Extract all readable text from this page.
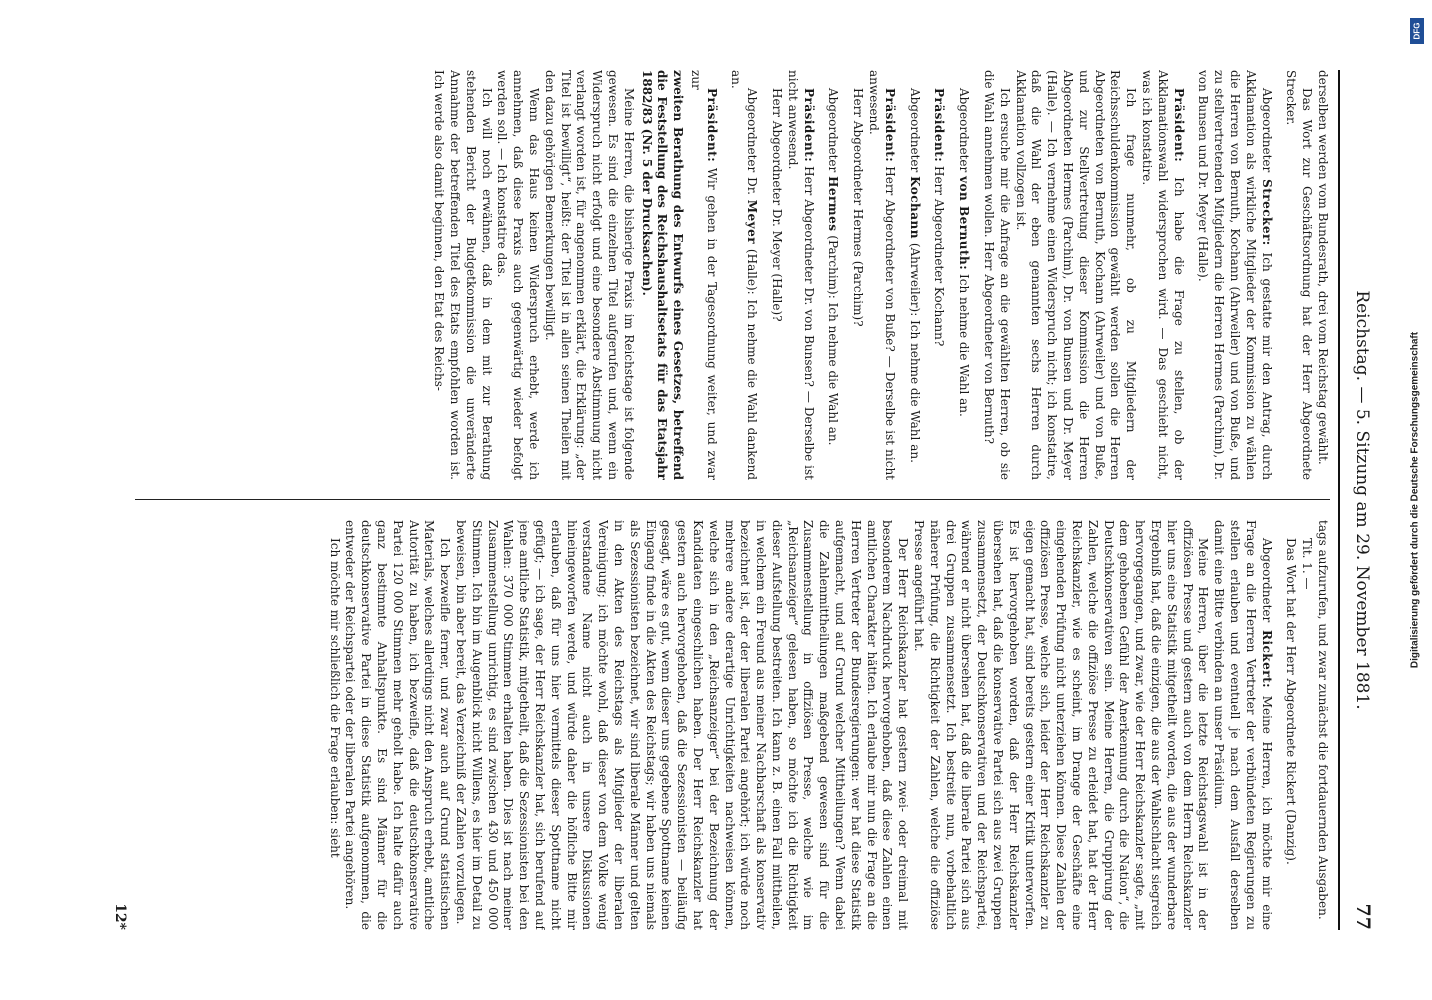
Reichstag. — 5. Sitzung am 29. November 1881.
77

derselben werden vom Bundesrath, drei vom Reichstag gewählt.

Das Wort zur Geschäftsordnung hat der Herr Abgeordnete Strecker.

Abgeordneter Strecker: Ich gestatte mir den Antrag, durch Akklamation als wirkliche Mitglieder der Kommission zu wählen die Herren von Bernuth, Kochann (Ahrweiler) und von Buße, und zu stellvertretenden Mitgliedern die Herren Hermes (Parchim), Dr. von Bunsen und Dr. Meyer (Halle).

Präsident: Ich habe die Frage zu stellen, ob der Akklamationswahl widersprochen wird. — Das geschieht nicht, was ich konstatire.

Ich frage nunmehr, ob zu Mitgliedern der Reichsschuldenkommission gewählt werden sollen die Herren Abgeordneten von Bernuth, Kochann (Ahrweiler) und von Buße, und zur Stellvertretung dieser Kommission die Herren Abgeordneten Hermes (Parchim), Dr. von Bunsen und Dr. Meyer (Halle). — Ich vernehme einen Widerspruch nicht; ich konstatire, daß die Wahl der eben genannten sechs Herren durch Akklamation vollzogen ist.

Ich ersuche mir die Anfrage an die gewählten Herren, ob sie die Wahl annehmen wollen. Herr Abgeordneter von Bernuth?

Abgeordneter von Bernuth: Ich nehme die Wahl an.

Präsident: Herr Abgeordneter Kochann?

Abgeordneter Kochann (Ahrweiler): Ich nehme die Wahl an.

Präsident: Herr Abgeordneter von Buße? — Derselbe ist nicht anwesend.

Herr Abgeordneter Hermes (Parchim)?

Abgeordneter Hermes (Parchim): Ich nehme die Wahl an.

Präsident: Herr Abgeordneter Dr. von Bunsen? — Derselbe ist nicht anwesend.

Herr Abgeordneter Dr. Meyer (Halle)?

Abgeordneter Dr. Meyer (Halle): Ich nehme die Wahl dankend an.

Präsident: Wir gehen in der Tagesordnung weiter, und zwar zur

zweiten Berathung des Entwurfs eines Gesetzes, betreffend die Feststellung des Reichshaushaltsetats für das Etatsjahr 1882/83 (Nr. 5 der Drucksachen).

Meine Herren, die bisherige Praxis im Reichstage ist folgende gewesen. Es sind die einzelnen Titel aufgerufen und, wenn ein Widerspruch nicht erfolgt und eine besondere Abstimmung nicht verlangt worden ist, für angenommen erklärt, die Erklärung: „der Titel ist bewilligt“, heißt: der Titel ist in allen seinen Theilen mit den dazu gehörigen Bemerkungen bewilligt.

Wenn das Haus keinen Widerspruch erhebt, werde ich annehmen, daß diese Praxis auch gegenwärtig wieder befolgt werden soll. — Ich konstatire das.

Ich will noch erwähnen, daß in dem mit zur Berathung stehenden Bericht der Budgetkommission die unveränderte Annahme der betreffenden Titel des Etats empfohlen worden ist. Ich werde also damit beginnen, den Etat des Reichs-

tags aufzurufen, und zwar zunächst die fortdauernden Ausgaben.

Tit. 1. —

Das Wort hat der Herr Abgeordnete Rickert (Danzig).

Abgeordneter Rickert: Meine Herren, ich möchte mir eine Frage an die Herren Vertreter der verbündeten Regierungen zu stellen erlauben und eventuell je nach dem Ausfall derselben damit eine Bitte verbinden an unser Präsidium.

Meine Herren, über die letzte Reichstagswahl ist in der offiziösen Presse und gestern auch von dem Herrn Reichskanzler hier uns eine Statistik mitgetheilt worden, die aus der wunderbare Ergebniß hat, daß die einzigen, die aus der Wahlschlacht siegreich hervorgegangen, und zwar, wie der Herr Reichskanzler sagte, „mit dem gehobenen Gefühl der Anerkennung durch die Nation“, die Deutschkonservativen sein. Meine Herren, die Gruppirung der Zahlen, welche die offiziöse Presse zu erleidet hat, hat der Herr Reichskanzler, wie es scheint, im Drange der Geschäfte eine eingehenden Prüfung nicht unterziehen können. Diese Zahlen der offiziösen Presse, welche sich, leider der Herr Reichskanzler zu eigen gemacht hat, sind bereits gestern einer Kritik unterworfen. Es ist hervorgehoben worden, daß der Herr Reichskanzler übersehen hat, daß die konservative Partei sich aus zwei Gruppen zusammensetzt, der Deutschkonservativen und der Reichspartei, während er nicht übersehen hat, daß die liberale Partei sich aus drei Gruppen zusammensetzt. Ich bestreite nun, vorbehaltlich näherer Prüfung, die Richtigkeit der Zahlen, welche die offiziöse Presse angeführt hat.

Der Herr Reichskanzler hat gestern zwei- oder dreimal mit besonderem Nachdruck hervorgehoben, daß diese Zahlen einen amtlichen Charakter hätten. Ich erlaube mir nun die Frage an die Herren Vertreter der Bundesregierungen: wer hat diese Statistik aufgemacht, und auf Grund welcher Mittheilungen? Wenn dabei die Zahlenmittheilungen maßgebend gewesen sind für die Zusammenstellung in offiziösen Presse, welche wie im „Reichsanzeiger“ gelesen haben, so möchte ich die Richtigkeit dieser Aufstellung bestreiten. Ich kann z. B. einen Fall mittheilen, in welchem ein Freund aus meiner Nachbarschaft als konservativ bezeichnet ist, der der liberalen Partei angehört; ich würde noch mehrere andere derartige Unrichtigkeiten nachweisen können, welche sich in den „Reichsanzeiger“ bei der Bezeichnung der Kandidaten eingeschlichen haben. Der Herr Reichskanzler hat gestern auch hervorgehoben, daß die Sezessionisten — beiläufig gesagt, wäre es gut, wenn dieser uns gegebene Spottname keinen Eingang finde in die Akten des Reichstags; wir haben uns niemals als Sezessionisten bezeichnet, wir sind liberale Männer und gelten in den Akten des Reichstags als Mitglieder der liberalen Vereinigung; ich möchte wohl, daß dieser von dem Volke wenig verstandene Name nicht auch in unsere Diskussionen hineingeworfen werde, und würde daher die höfliche Bitte mir erlauben, daß für uns hier vermittels dieser Spottname nicht gefügt; — ich sage, der Herr Reichskanzler hat, sich berufend auf jene amtliche Statistik, mitgetheilt, daß die Sezessionisten bei den Wahlen: 370 000 Stimmen erhalten haben. Dies ist nach meiner Zusammenstellung unrichtig, es sind zwischen 430 und 450 000 Stimmen. Ich bin im Augenblick nicht Willens, es hier im Detail zu beweisen, bin aber bereit, das Verzeichniß der Zahlen vorzulegen.

Ich bezweifle ferner, und zwar auch auf Grund statistischen Materials, welches allerdings nicht den Anspruch erhebt, amtliche Autorität zu haben, ich bezweifle, daß die deutschkonservative Partei 120 000 Stimmen mehr geholt habe. Ich halte dafür auch ganz bestimmte Anhaltspunkte. Es sind Männer für die deutschkonservative Partei in diese Statistik aufgenommen, die entweder der Reichspartei oder der liberalen Partei angehören.

Ich möchte mir schließlich die Frage erlauben: sieht

12*
Digitalisierung gefördert durch die Deutsche Forschungsgemeinschaft
DFG
